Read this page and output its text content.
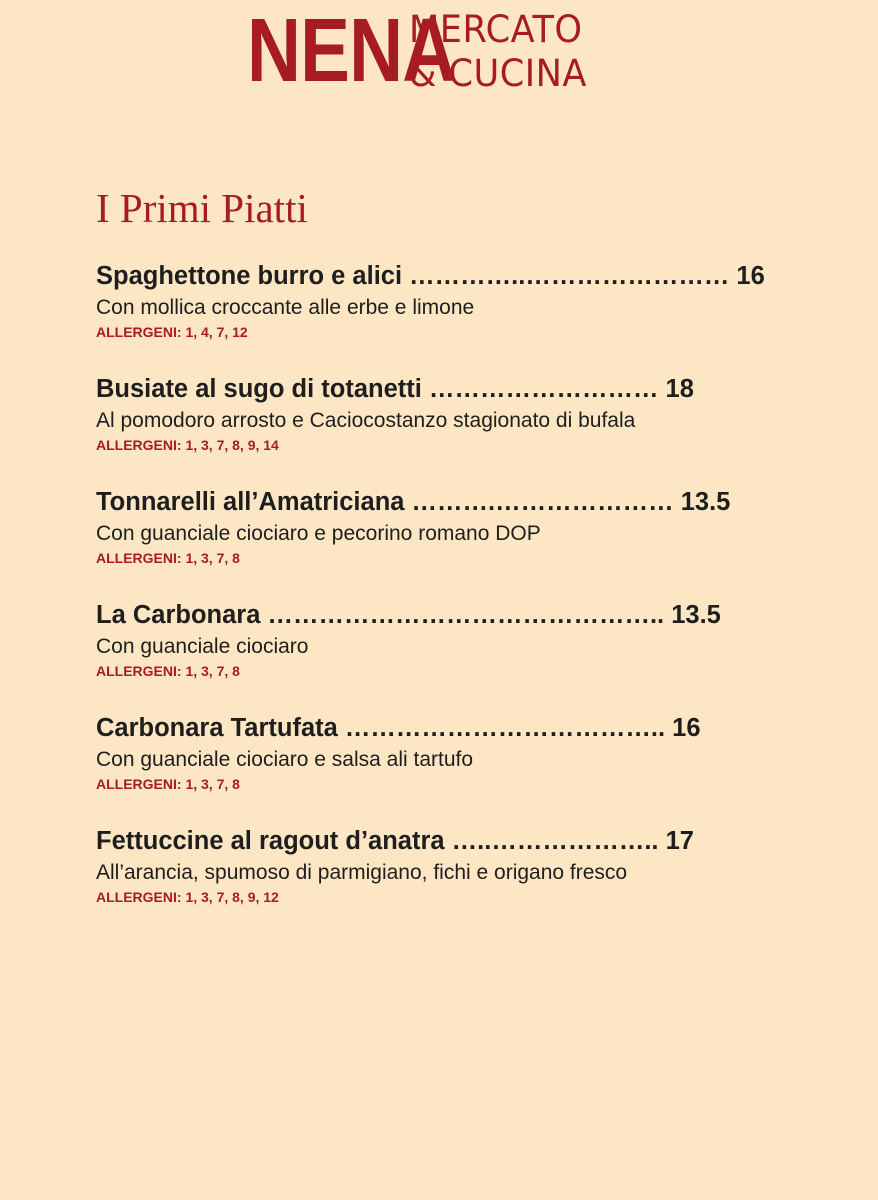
NENA
MERCATO
& CUCINA
I Primi Piatti
Spaghettone burro e alici …………..…………………… 16
Con mollica croccante alle erbe e limone
ALLERGENI: 1, 4, 7, 12
Busiate al sugo di totanetti ……………………… 18
Al pomodoro arrosto e Caciocostanzo stagionato di bufala
ALLERGENI: 1, 3, 7, 8, 9, 14
Tonnarelli all’Amatriciana ……….………………… 13.5
Con guanciale ciociaro e pecorino romano DOP
ALLERGENI: 1, 3, 7, 8
La Carbonara ……………………………………….. 13.5
Con guanciale ciociaro
ALLERGENI: 1, 3, 7, 8
Carbonara Tartufata ……………………………….. 16
Con guanciale ciociaro e salsa ali tartufo
ALLERGENI: 1, 3, 7, 8
Fettuccine al ragout d’anatra …..……………….. 17
All’arancia, spumoso di parmigiano, fichi e origano fresco
ALLERGENI: 1, 3, 7, 8, 9, 12
